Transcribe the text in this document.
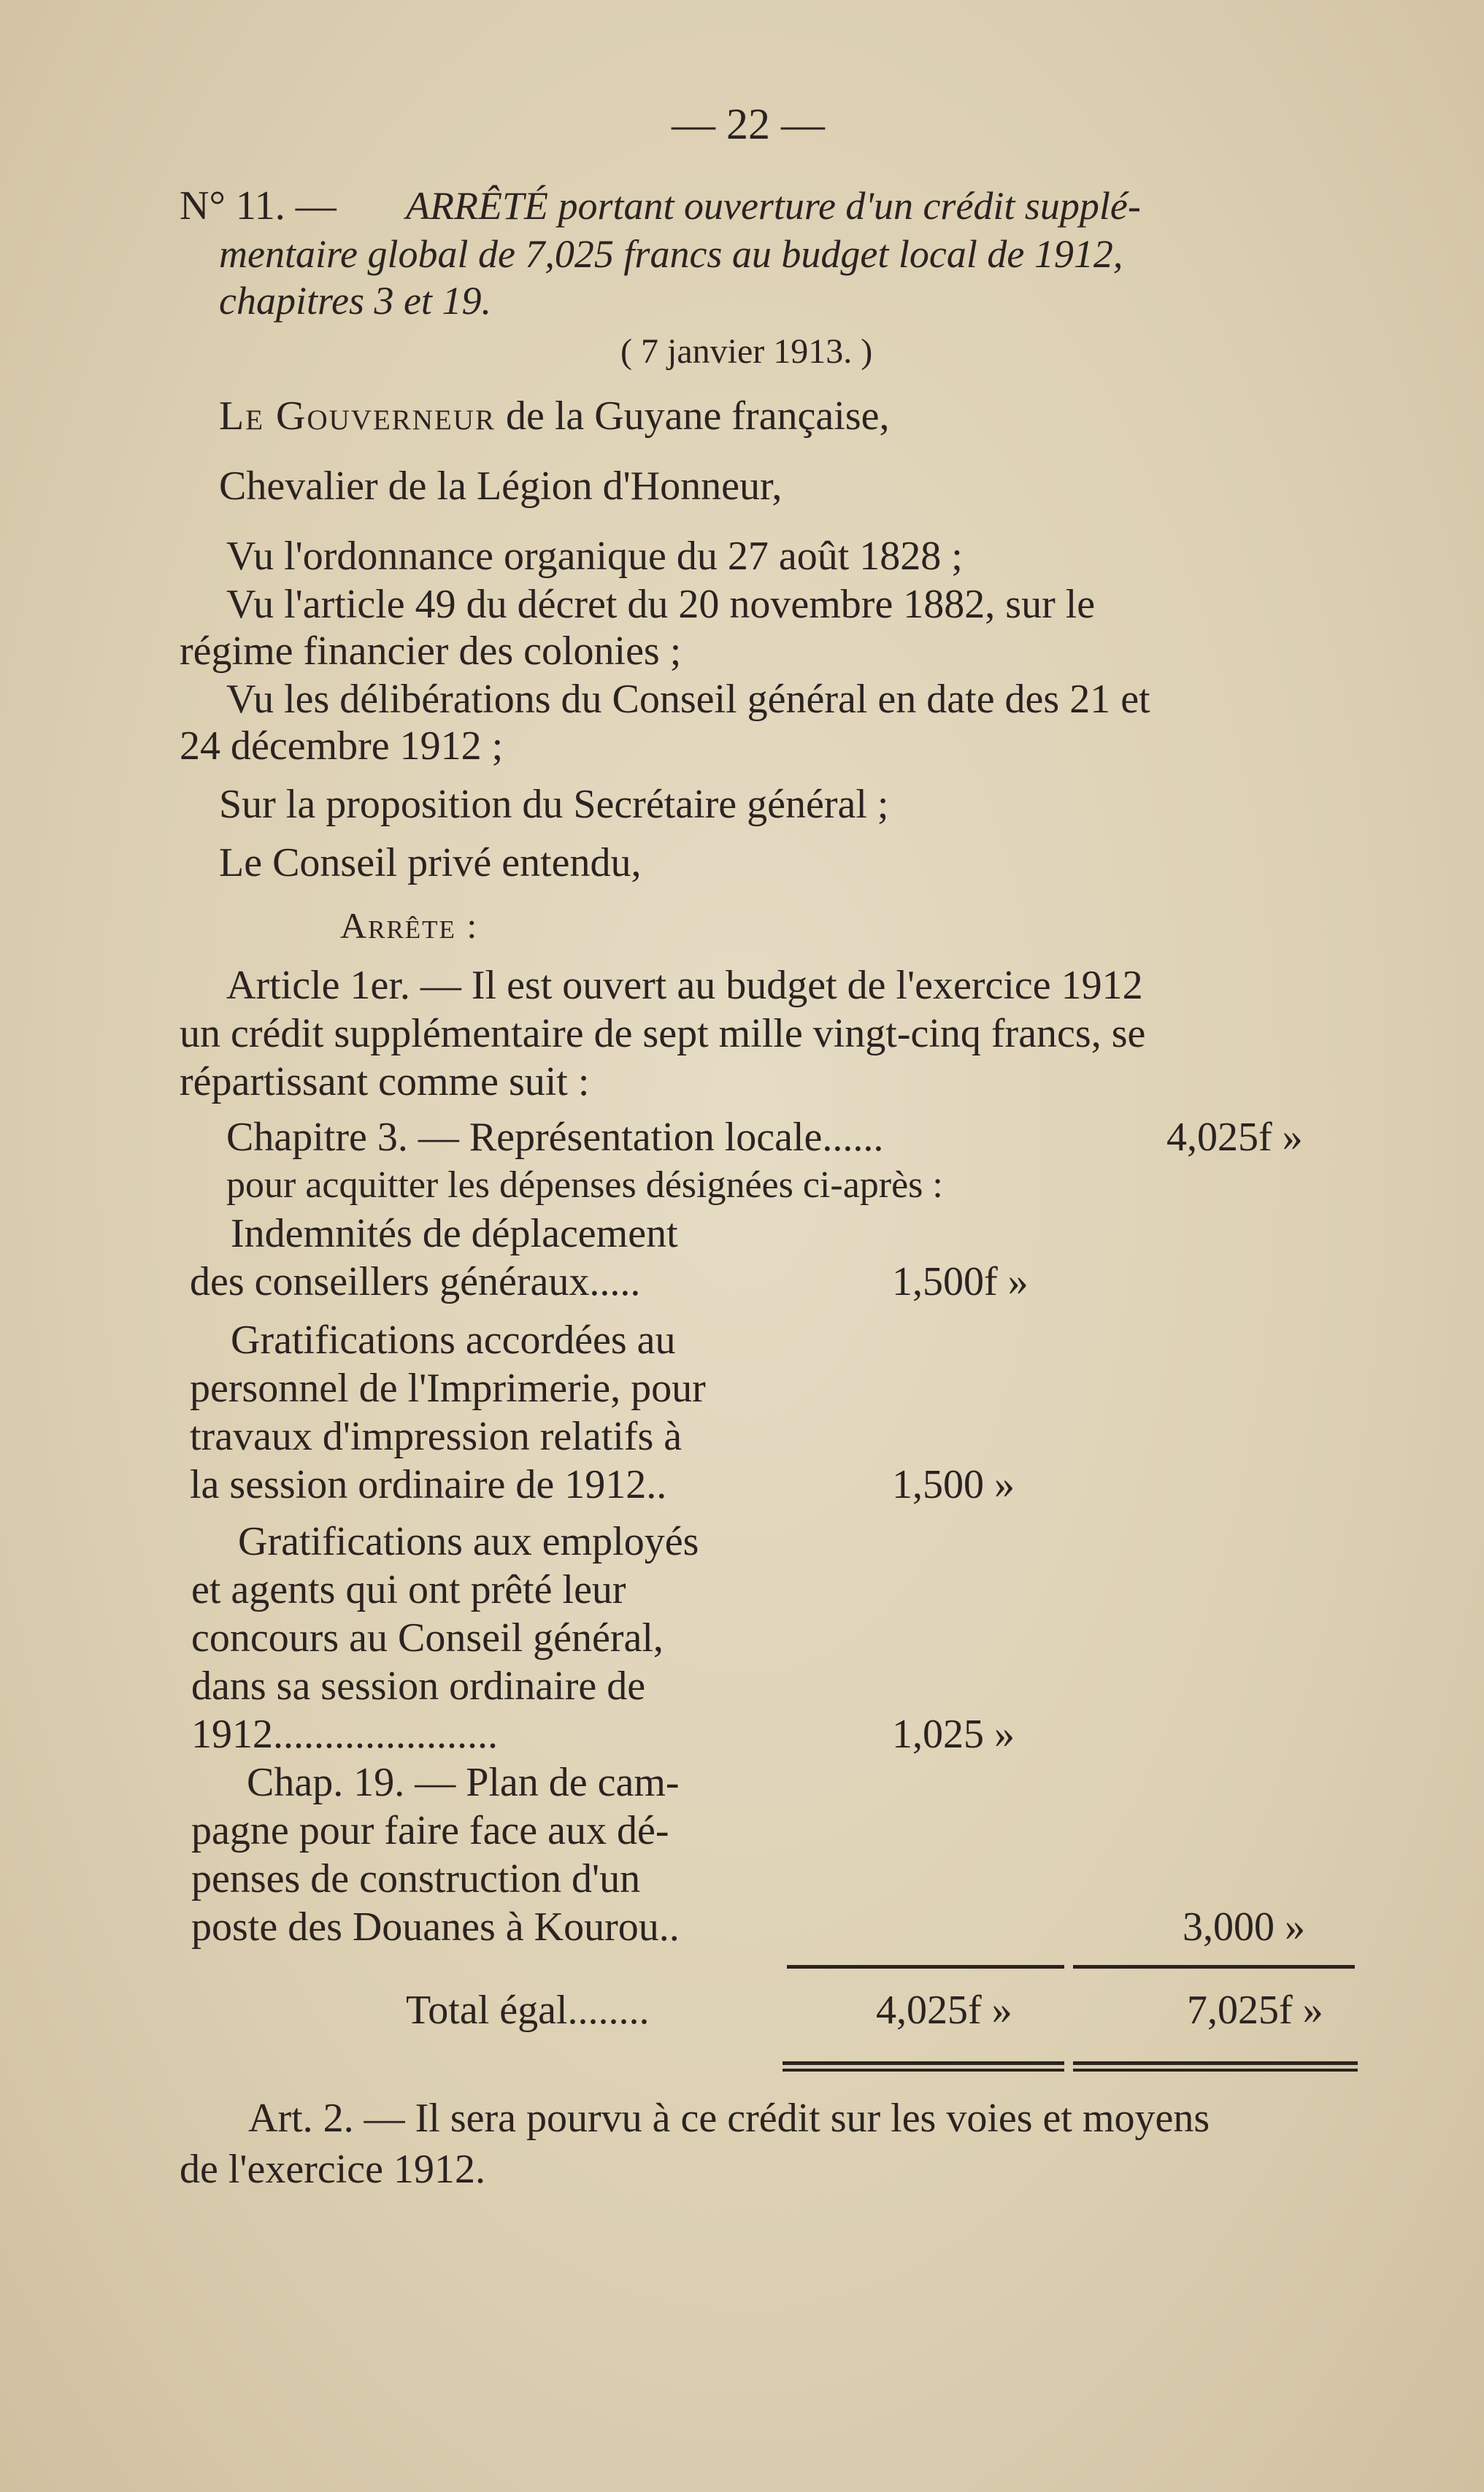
— 22 —
N° 11. — ARRÊTÉ portant ouverture d'un crédit supplé-
mentaire global de 7,025 francs au budget local de 1912,
chapitres 3 et 19.
( 7 janvier 1913. )
Le Gouverneur de la Guyane française,
Chevalier de la Légion d'Honneur,
Vu l'ordonnance organique du 27 août 1828 ;
Vu l'article 49 du décret du 20 novembre 1882, sur le
régime financier des colonies ;
Vu les délibérations du Conseil général en date des 21 et
24 décembre 1912 ;
Sur la proposition du Secrétaire général ;
Le Conseil privé entendu,
Arrête :
Article 1er. — Il est ouvert au budget de l'exercice 1912
un crédit supplémentaire de sept mille vingt-cinq francs, se
répartissant comme suit :
Chapitre 3. — Représentation locale......	4,025f »
pour acquitter les dépenses désignées ci-après :
Indemnités de déplacement
des conseillers généraux.....	1,500f »
Gratifications accordées au
personnel de l'Imprimerie, pour
travaux d'impression relatifs à
la session ordinaire de 1912..	1,500 »
Gratifications aux employés
et agents qui ont prêté leur
concours au Conseil général,
dans sa session ordinaire de
1912......................	1,025 »
Chap. 19. — Plan de cam-
pagne pour faire face aux dé-
penses de construction d'un
poste des Douanes à Kourou..	3,000 »
Total égal........	4,025f »	7,025f »
Art. 2. — Il sera pourvu à ce crédit sur les voies et moyens
de l'exercice 1912.
